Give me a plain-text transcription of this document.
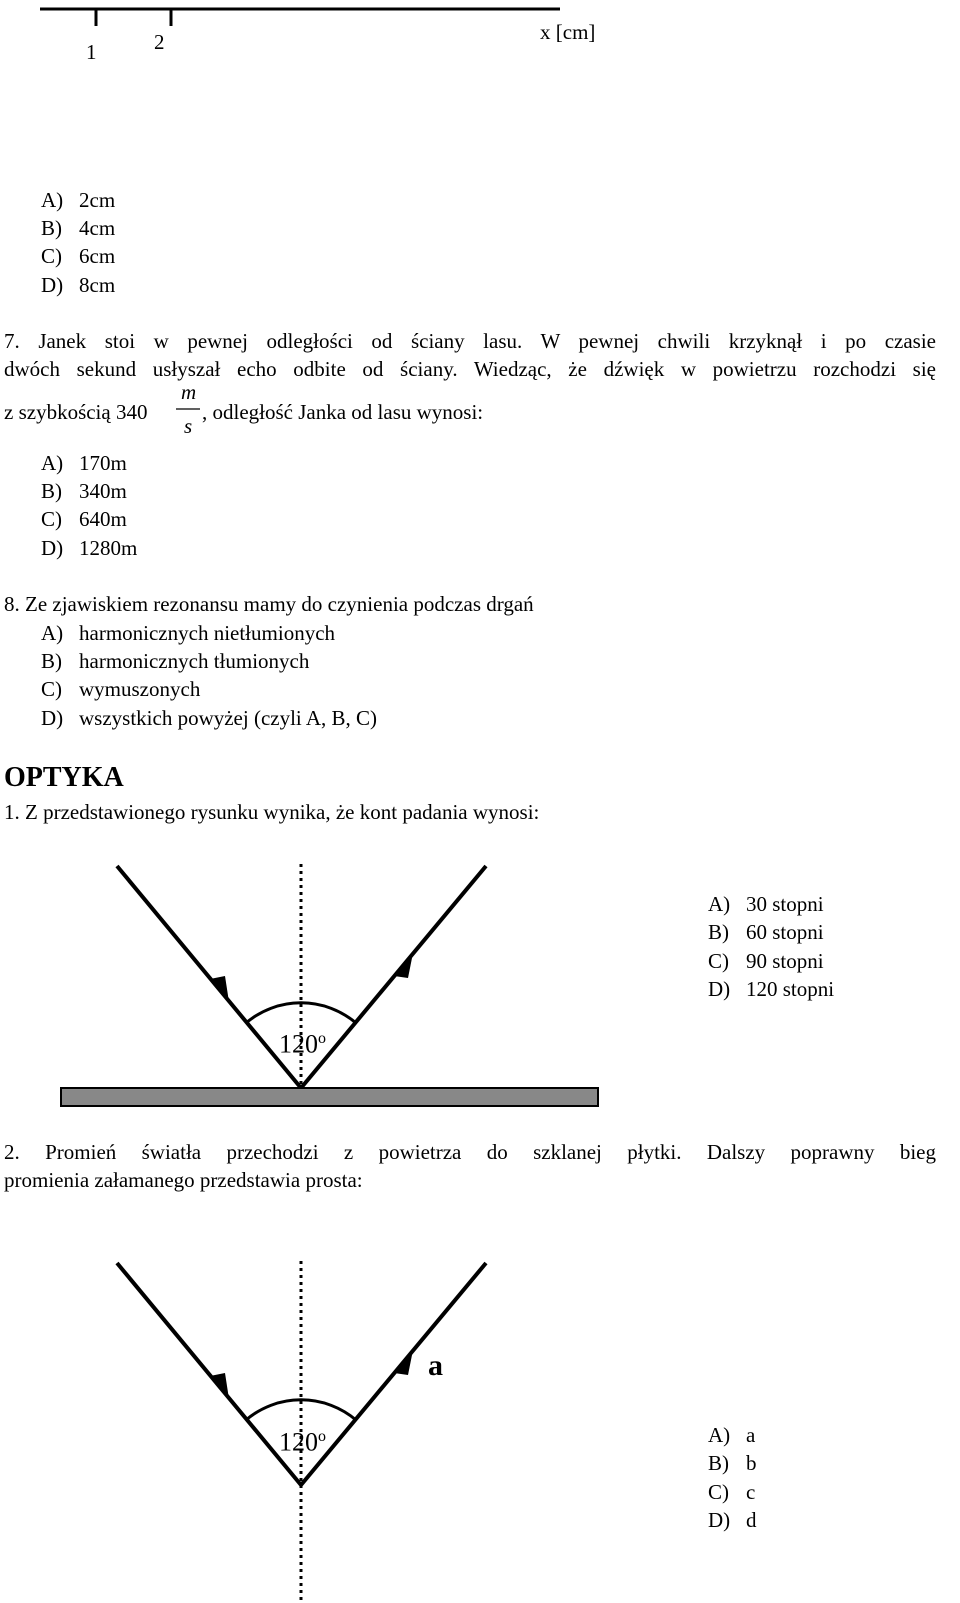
1	2	x [cm]
A) 2cm
B) 4cm
C) 6cm
D) 8cm
7. Janek stoi w pewnej odległości od ściany lasu. W pewnej chwili krzyknął i po czasie
dwóch sekund usłyszał echo odbite od ściany. Wiedząc, że dźwięk w powietrzu rozchodzi się
z szybkością 340
m
s
, odległość Janka od lasu wynosi:
A) 170m
B) 340m
C) 640m
D) 1280m
8. Ze zjawiskiem rezonansu mamy do czynienia podczas drgań
A) harmonicznych nietłumionych
B) harmonicznych tłumionych
C) wymuszonych
D) wszystkich powyżej (czyli A, B, C)
OPTYKA
1. Z przedstawionego rysunku wynika, że kont padania wynosi:
120$^o$
A) 30 stopni
B) 60 stopni
C) 90 stopni
D) 120 stopni
2. Promień światła przechodzi z powietrza do szklanej płytki. Dalszy poprawny bieg
promienia załamanego przedstawia prosta:
a
120$^o$	A) a
B) b
C) c
D) d
